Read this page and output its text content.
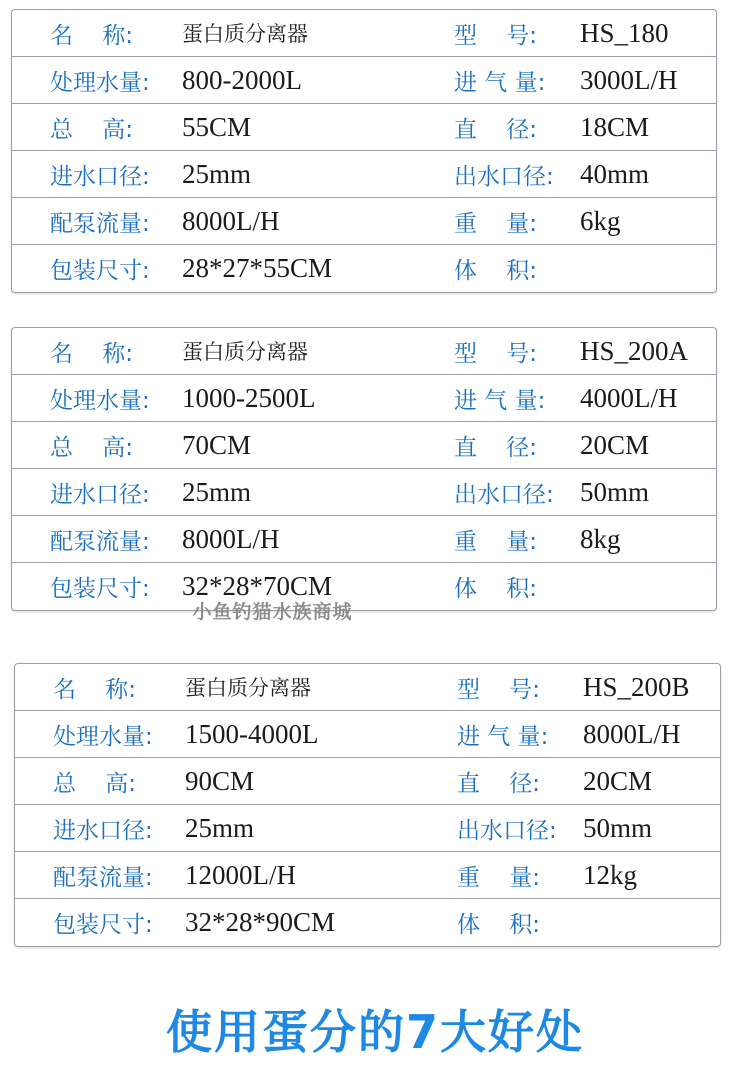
名    称: 蛋白质分离器	型    号: HS_180
处理水量: 800-2000L	进 气 量: 3000L/H
总    高: 55CM	直    径: 18CM
进水口径: 25mm	出水口径: 40mm
配泵流量: 8000L/H	重    量: 6kg
包装尺寸: 28*27*55CM	体    积:
名    称: 蛋白质分离器	型    号: HS_200A
处理水量: 1000-2500L	进 气 量: 4000L/H
总    高: 70CM	直    径: 20CM
进水口径: 25mm	出水口径: 50mm
配泵流量: 8000L/H	重    量: 8kg
包装尺寸: 32*28*70CM	体    积:
小鱼钓猫水族商城
名    称: 蛋白质分离器	型    号: HS_200B
处理水量: 1500-4000L	进 气 量: 8000L/H
总    高: 90CM	直    径: 20CM
进水口径: 25mm	出水口径: 50mm
配泵流量: 12000L/H	重    量: 12kg
包装尺寸: 32*28*90CM	体    积:
使用蛋分的7大好处
